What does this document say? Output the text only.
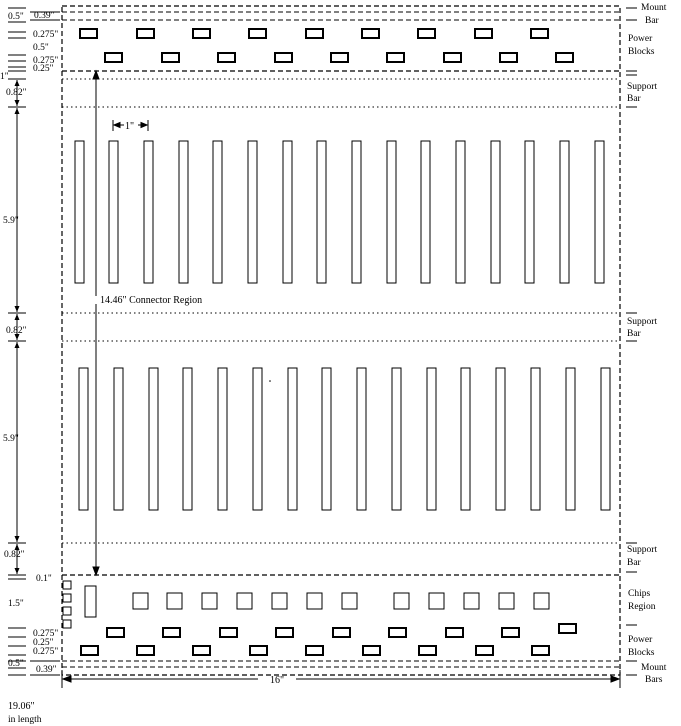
14.46" Connector Region
1"
16"
0.5" 0.39"
0.275"
0.5"
0.275"
0.25"
1"
0.82"
5.9"
0.82"
5.9"
0.82"
0.1"
1.5"
0.275"
0.25"
0.275"
0.5"
0.39"
19.06"
in length
Mount
Bar
Power
Blocks
Support
Bar
Support
Bar
Support
Bar
Chips
Region
Power
Blocks
Mount
Bars
